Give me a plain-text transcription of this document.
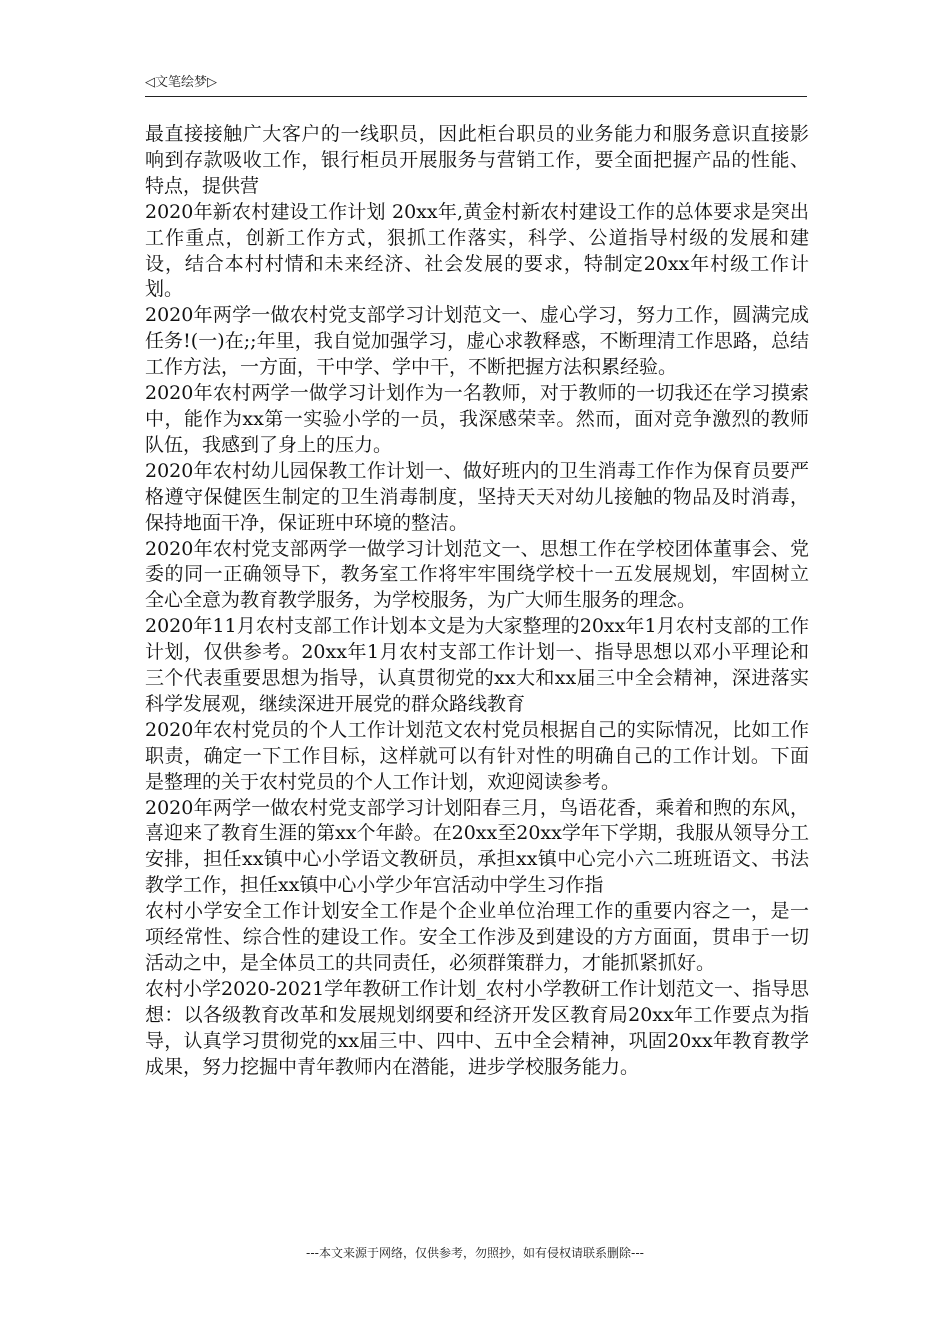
◁文笔绘梦▷

最直接接触广大客户的一线职员，因此柜台职员的业务能力和服务意识直接影响到存款吸收工作，银行柜员开展服务与营销工作，要全面把握产品的性能、特点，提供营

2020年新农村建设工作计划 20xx年,黄金村新农村建设工作的总体要求是突出工作重点，创新工作方式，狠抓工作落实，科学、公道指导村级的发展和建设，结合本村村情和未来经济、社会发展的要求，特制定20xx年村级工作计划。

2020年两学一做农村党支部学习计划范文一、虚心学习，努力工作，圆满完成任务!(一)在;;年里，我自觉加强学习，虚心求教释惑，不断理清工作思路，总结工作方法，一方面，干中学、学中干，不断把握方法积累经验。

2020年农村两学一做学习计划作为一名教师，对于教师的一切我还在学习摸索中，能作为xx第一实验小学的一员，我深感荣幸。然而，面对竞争激烈的教师队伍，我感到了身上的压力。

2020年农村幼儿园保教工作计划一、做好班内的卫生消毒工作作为保育员要严格遵守保健医生制定的卫生消毒制度，坚持天天对幼儿接触的物品及时消毒，保持地面干净，保证班中环境的整洁。

2020年农村党支部两学一做学习计划范文一、思想工作在学校团体董事会、党委的同一正确领导下，教务室工作将牢牢围绕学校十一五发展规划，牢固树立全心全意为教育教学服务，为学校服务，为广大师生服务的理念。

2020年11月农村支部工作计划本文是为大家整理的20xx年1月农村支部的工作计划，仅供参考。20xx年1月农村支部工作计划一、指导思想以邓小平理论和三个代表重要思想为指导，认真贯彻党的xx大和xx届三中全会精神，深进落实科学发展观，继续深进开展党的群众路线教育

2020年农村党员的个人工作计划范文农村党员根据自己的实际情况，比如工作职责，确定一下工作目标，这样就可以有针对性的明确自己的工作计划。下面是整理的关于农村党员的个人工作计划，欢迎阅读参考。

2020年两学一做农村党支部学习计划阳春三月，鸟语花香，乘着和煦的东风，喜迎来了教育生涯的第xx个年龄。在20xx至20xx学年下学期，我服从领导分工安排，担任xx镇中心小学语文教研员，承担xx镇中心完小六二班班语文、书法教学工作，担任xx镇中心小学少年宫活动中学生习作指

农村小学安全工作计划安全工作是个企业单位治理工作的重要内容之一，是一项经常性、综合性的建设工作。安全工作涉及到建设的方方面面，贯串于一切活动之中，是全体员工的共同责任，必须群策群力，才能抓紧抓好。

农村小学2020-2021学年教研工作计划_农村小学教研工作计划范文一、指导思想：以各级教育改革和发展规划纲要和经济开发区教育局20xx年工作要点为指导，认真学习贯彻党的xx届三中、四中、五中全会精神，巩固20xx年教育教学成果，努力挖掘中青年教师内在潜能，进步学校服务能力。

---本文来源于网络，仅供参考，勿照抄，如有侵权请联系删除---
